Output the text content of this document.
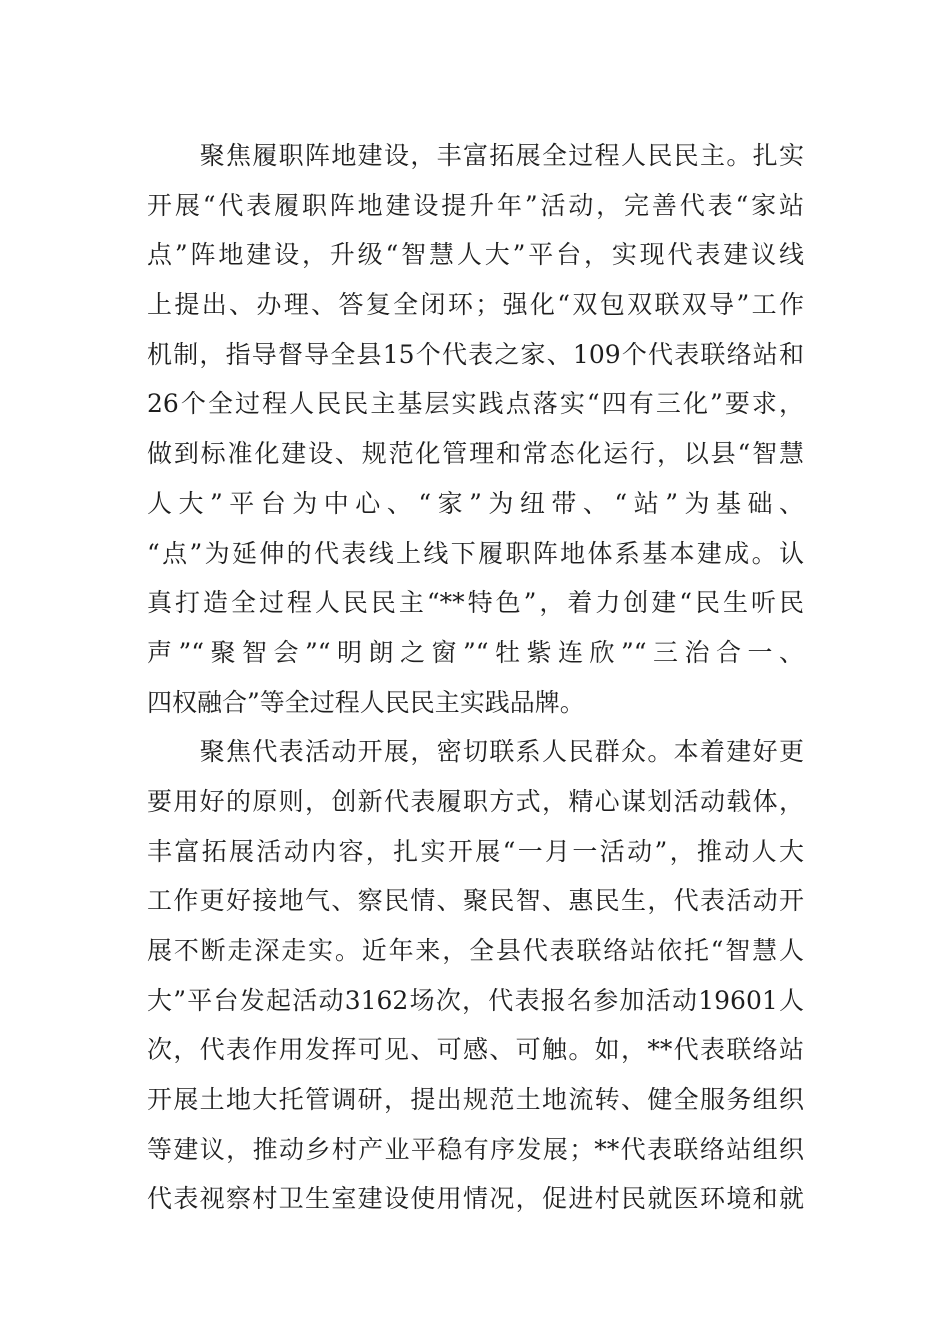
　　聚焦履职阵地建设，丰富拓展全过程人民民主。扎实
开展“代表履职阵地建设提升年”活动，完善代表“家站
点”阵地建设，升级“智慧人大”平台，实现代表建议线
上提出、办理、答复全闭环；强化“双包双联双导”工作
机制，指导督导全县15个代表之家、109个代表联络站和
26个全过程人民民主基层实践点落实“四有三化”要求，
做到标准化建设、规范化管理和常态化运行，以县“智慧
人大”平台为中心、“家”为纽带、“站”为基础、
“点”为延伸的代表线上线下履职阵地体系基本建成。认
真打造全过程人民民主“**特色”，着力创建“民生听民
声”“聚智会”“明朗之窗”“牡紫连欣”“三治合一、
四权融合”等全过程人民民主实践品牌。
　　聚焦代表活动开展，密切联系人民群众。本着建好更
要用好的原则，创新代表履职方式，精心谋划活动载体，
丰富拓展活动内容，扎实开展“一月一活动”，推动人大
工作更好接地气、察民情、聚民智、惠民生，代表活动开
展不断走深走实。近年来，全县代表联络站依托“智慧人
大”平台发起活动3162场次，代表报名参加活动19601人
次，代表作用发挥可见、可感、可触。如，**代表联络站
开展土地大托管调研，提出规范土地流转、健全服务组织
等建议，推动乡村产业平稳有序发展；**代表联络站组织
代表视察村卫生室建设使用情况，促进村民就医环境和就
